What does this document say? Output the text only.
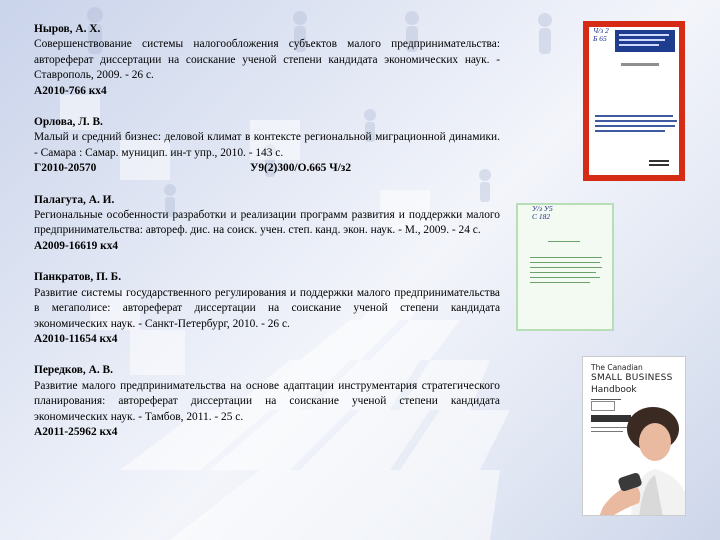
Ныров, А. Х.
Совершенствование системы налогообложения субъектов малого предпринимательства: автореферат диссертации на соискание ученой степени кандидата экономических наук. - Ставрополь, 2009. - 26 с.
А2010-766 кх4
Орлова, Л. В.
Малый и средний бизнес: деловой климат в контексте региональной миграционной динамики. - Самара : Самар. муницип. ин-т упр., 2010. - 143 с.
Г2010-20570	У9(2)300/О.665 Ч/з2
Палагута, А. И.
Региональные особенности разработки и реализации программ развития и поддержки малого предпринимательства: автореф. дис. на соиск. учен. степ. канд. экон. наук. - М., 2009. - 24 с.
А2009-16619 кх4
Панкратов, П. Б.
Развитие системы государственного регулирования и поддержки малого предпринимательства в мегаполисе: автореферат диссертации на соискание ученой степени кандидата экономических наук. - Санкт-Петербург, 2010. - 26 с.
А2010-11654 кх4
Передков, А. В.
Развитие малого предпринимательства на основе адаптации инструментария стратегического планирования: автореферат диссертации на соискание ученой степени кандидата экономических наук. - Тамбов, 2011. - 25 с.
А2011-25962 кх4
Ч/з 2
Б 65
У/з У5
С 182
The Canadian
SMALL BUSINESS
Handbook
